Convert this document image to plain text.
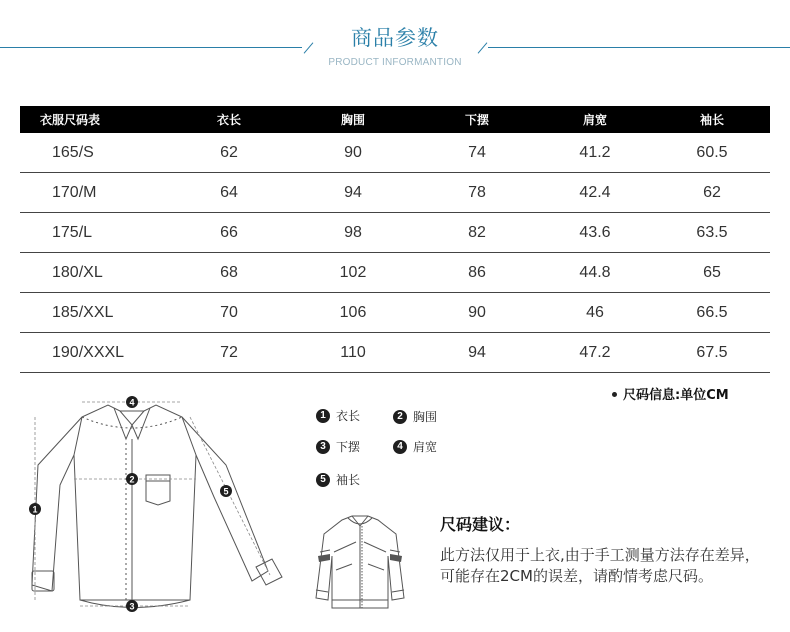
商品参数
PRODUCT INFORMANTION
衣服尺码表	衣长	胸围	下摆	肩宽	袖长
165/S	62	90	74	41.2	60.5
170/M	64	94	78	42.4	62
175/L	66	98	82	43.6	63.5
180/XL	68	102	86	44.8	65
185/XXL	70	106	90	46	66.5
190/XXXL	72	110	94	47.2	67.5
尺码信息:单位CM
4
2
3
1
5
1 衣长	2 胸围
3 下摆	4 肩宽
5 袖长
尺码建议：
此方法仅用于上衣,由于手工测量方法存在差异，可能存在2CM的误差，请酌情考虑尺码。
